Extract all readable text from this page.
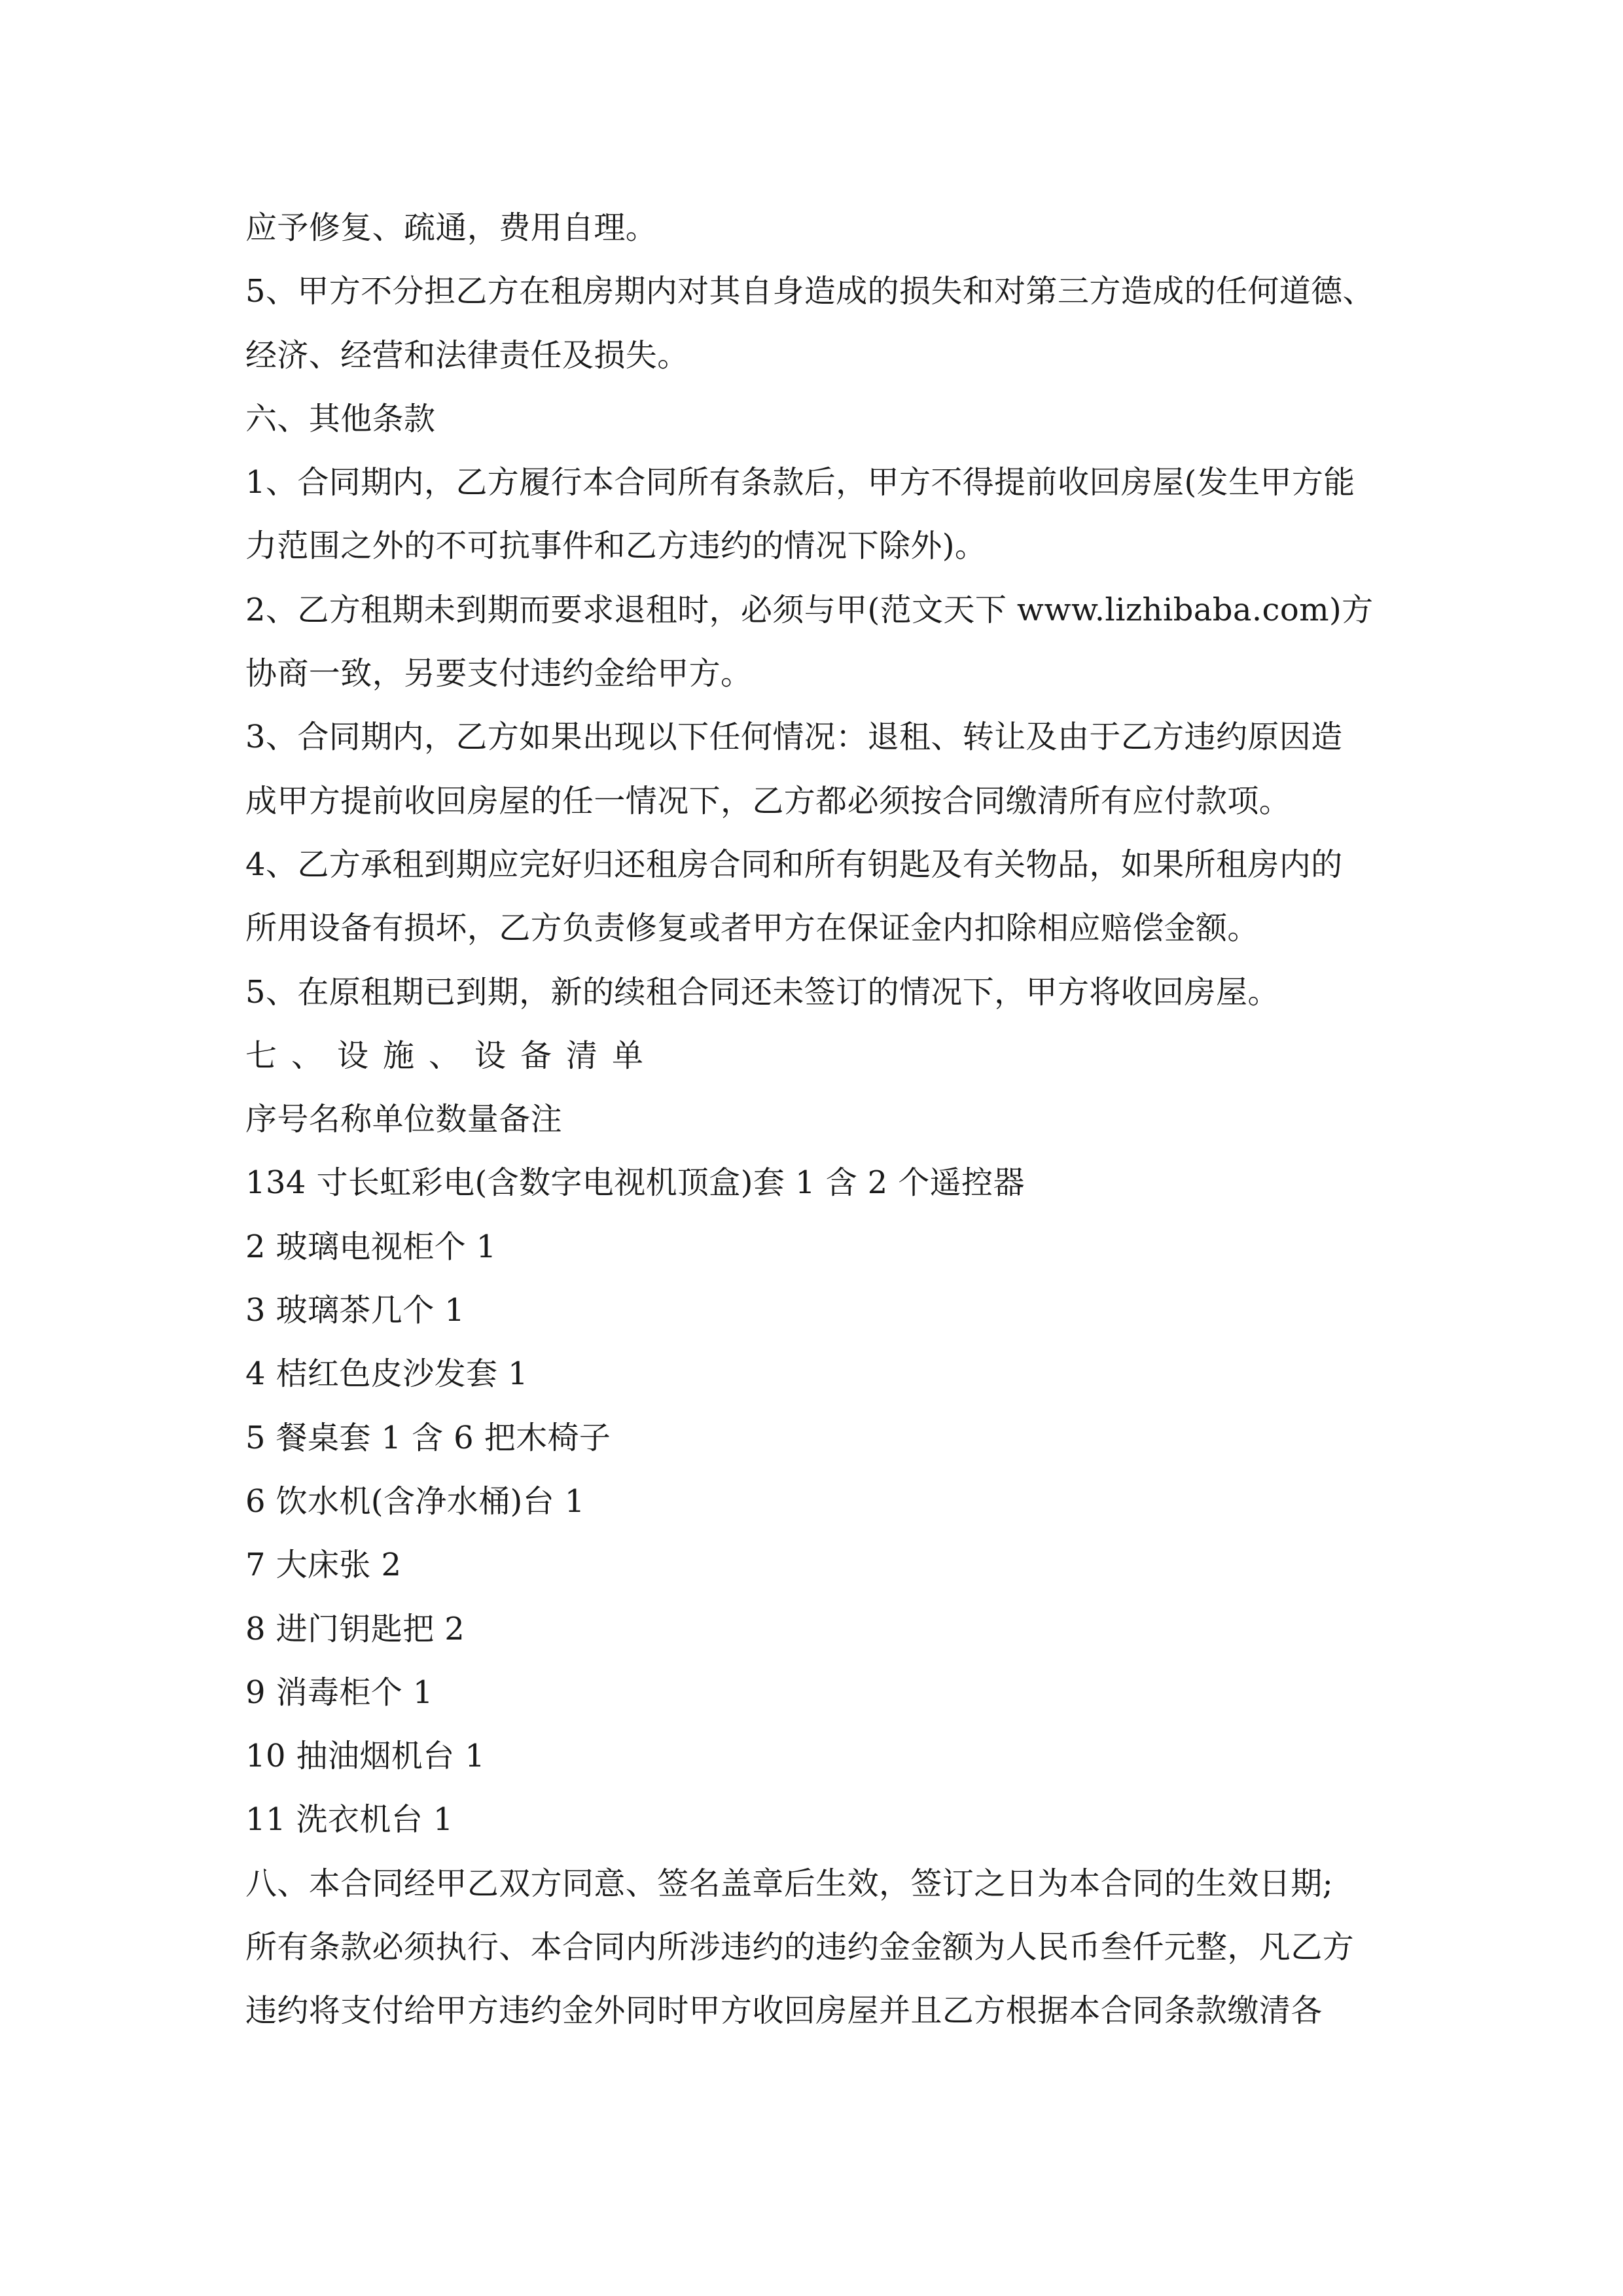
应予修复、疏通，费用自理。
5、甲方不分担乙方在租房期内对其自身造成的损失和对第三方造成的任何道德、
经济、经营和法律责任及损失。
六、其他条款
1、合同期内，乙方履行本合同所有条款后，甲方不得提前收回房屋(发生甲方能
力范围之外的不可抗事件和乙方违约的情况下除外)。
2、乙方租期未到期而要求退租时，必须与甲(范文天下 www.lizhibaba.com)方
协商一致，另要支付违约金给甲方。
3、合同期内，乙方如果出现以下任何情况：退租、转让及由于乙方违约原因造
成甲方提前收回房屋的任一情况下，乙方都必须按合同缴清所有应付款项。
4、乙方承租到期应完好归还租房合同和所有钥匙及有关物品，如果所租房内的
所用设备有损坏，乙方负责修复或者甲方在保证金内扣除相应赔偿金额。
5、在原租期已到期，新的续租合同还未签订的情况下，甲方将收回房屋。
七、设施、设备清单
序号名称单位数量备注
134 寸长虹彩电(含数字电视机顶盒)套 1 含 2 个遥控器
2 玻璃电视柜个 1
3 玻璃茶几个 1
4 桔红色皮沙发套 1
5 餐桌套 1 含 6 把木椅子
6 饮水机(含净水桶)台 1
7 大床张 2
8 进门钥匙把 2
9 消毒柜个 1
10 抽油烟机台 1
11 洗衣机台 1
八、本合同经甲乙双方同意、签名盖章后生效，签订之日为本合同的生效日期;
所有条款必须执行、本合同内所涉违约的违约金金额为人民币叁仟元整，凡乙方
违约将支付给甲方违约金外同时甲方收回房屋并且乙方根据本合同条款缴清各
